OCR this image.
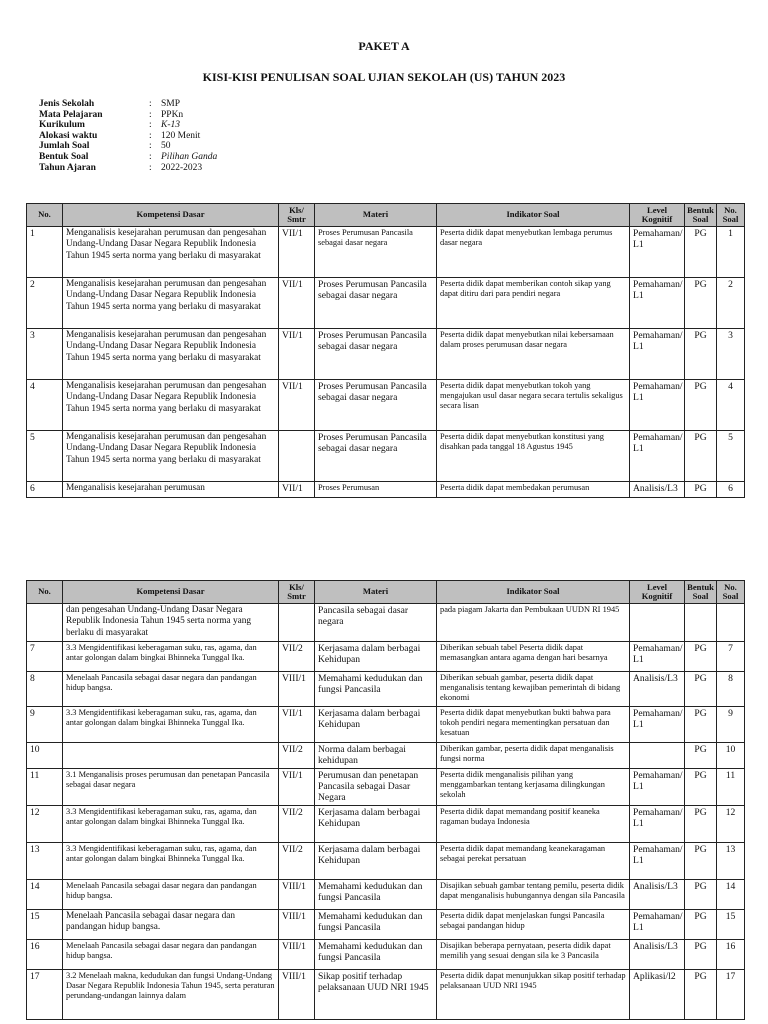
PAKET A
KISI-KISI PENULISAN SOAL UJIAN SEKOLAH (US) TAHUN 2023
Jenis Sekolah	: SMP
Mata Pelajaran	: PPKn
Kurikulum	: K-13
Alokasi waktu	: 120 Menit
Jumlah Soal	: 50
Bentuk Soal	: Pilihan Ganda
Tahun Ajaran	: 2022-2023
No.	Kompetensi Dasar	Kls/ Smtr	Materi	Indikator Soal	Level Kognitif	Bentuk Soal	No. Soal
1	Menganalisis kesejarahan perumusan dan pengesahan Undang-Undang Dasar Negara Republik Indonesia Tahun 1945 serta norma yang berlaku di masyarakat	VII/1	Proses Perumusan Pancasila sebagai dasar negara	Peserta didik dapat menyebutkan lembaga perumus dasar negara	Pemahaman/ L1	PG	1
2	Menganalisis kesejarahan perumusan dan pengesahan Undang-Undang Dasar Negara Republik Indonesia Tahun 1945 serta norma yang berlaku di masyarakat	VII/1	Proses Perumusan Pancasila sebagai dasar negara	Peserta didik dapat memberikan contoh sikap yang dapat ditiru dari para pendiri negara	Pemahaman/ L1	PG	2
3	Menganalisis kesejarahan perumusan dan pengesahan Undang-Undang Dasar Negara Republik Indonesia Tahun 1945 serta norma yang berlaku di masyarakat	VII/1	Proses Perumusan Pancasila sebagai dasar negara	Peserta didik dapat menyebutkan nilai kebersamaan dalam proses perumusan dasar negara	Pemahaman/ L1	PG	3
4	Menganalisis kesejarahan perumusan dan pengesahan Undang-Undang Dasar Negara Republik Indonesia Tahun 1945 serta norma yang berlaku di masyarakat	VII/1	Proses Perumusan Pancasila sebagai dasar negara	Peserta didik dapat menyebutkan tokoh yang mengajukan usul dasar negara secara tertulis sekaligus secara lisan	Pemahaman/ L1	PG	4
5	Menganalisis kesejarahan perumusan dan pengesahan Undang-Undang Dasar Negara Republik Indonesia Tahun 1945 serta norma yang berlaku di masyarakat		Proses Perumusan Pancasila sebagai dasar negara	Peserta didik dapat menyebutkan konstitusi yang disahkan pada tanggal 18 Agustus 1945	Pemahaman/ L1	PG	5
6	Menganalisis kesejarahan perumusan	VII/1	Proses Perumusan	Peserta didik dapat membedakan perumusan	Analisis/L3	PG	6
No.	Kompetensi Dasar	Kls/ Smtr	Materi	Indikator Soal	Level Kognitif	Bentuk Soal	No. Soal
	dan pengesahan Undang-Undang Dasar Negara Republik Indonesia Tahun 1945 serta norma yang berlaku di masyarakat		Pancasila sebagai dasar negara	pada piagam Jakarta dan Pembukaan UUDN RI 1945			
7	3.3 Mengidentifikasi keberagaman suku, ras, agama, dan antar golongan dalam bingkai Bhinneka Tunggal Ika.	VII/2	Kerjasama dalam berbagai Kehidupan	Diberikan sebuah tabel Peserta didik dapat memasangkan antara agama dengan hari besarnya	Pemahaman/ L1	PG	7
8	Menelaah Pancasila sebagai dasar negara dan pandangan hidup bangsa.	VIII/1	Memahami kedudukan dan fungsi Pancasila	Diberikan sebuah gambar, peserta didik dapat menganalisis tentang kewajiban pemerintah di bidang ekonomi	Analisis/L3	PG	8
9	3.3 Mengidentifikasi keberagaman suku, ras, agama, dan antar golongan dalam bingkai Bhinneka Tunggal Ika.	VII/1	Kerjasama dalam berbagai Kehidupan	Peserta didik dapat menyebutkan bukti bahwa para tokoh pendiri negara mementingkan persatuan dan kesatuan	Pemahaman/ L1	PG	9
10		VII/2	Norma dalam berbagai kehidupan	Diberikan gambar, peserta didik dapat menganalisis fungsi norma		PG	10
11	3.1 Menganalisis proses perumusan dan penetapan Pancasila sebagai dasar negara	VII/1	Perumusan dan penetapan Pancasila sebagai Dasar Negara	Peserta didik menganalisis pilihan yang menggambarkan tentang kerjasama dilingkungan sekolah	Pemahaman/ L1	PG	11
12	3.3 Mengidentifikasi keberagaman suku, ras, agama, dan antar golongan dalam bingkai Bhinneka Tunggal Ika.	VII/2	Kerjasama dalam berbagai Kehidupan	Peserta didik dapat memandang positif keaneka ragaman budaya Indonesia	Pemahaman/ L1	PG	12
13	3.3 Mengidentifikasi keberagaman suku, ras, agama, dan antar golongan dalam bingkai Bhinneka Tunggal Ika.	VII/2	Kerjasama dalam berbagai Kehidupan	Peserta didik dapat memandang keanekaragaman sebagai perekat persatuan	Pemahaman/ L1	PG	13
14	Menelaah Pancasila sebagai dasar negara dan pandangan hidup bangsa.	VIII/1	Memahami kedudukan dan fungsi Pancasila	Disajikan sebuah gambar tentang pemilu, peserta didik dapat menganalisis hubungannya dengan sila Pancasila	Analisis/L3	PG	14
15	Menelaah Pancasila sebagai dasar negara dan pandangan hidup bangsa.	VIII/1	Memahami kedudukan dan fungsi Pancasila	Peserta didik dapat menjelaskan fungsi Pancasila sebagai pandangan hidup	Pemahaman/ L1	PG	15
16	Menelaah Pancasila sebagai dasar negara dan pandangan hidup bangsa.	VIII/1	Memahami kedudukan dan fungsi Pancasila	Disajikan beberapa pernyataan, peserta didik dapat memilih yang sesuai dengan sila ke 3 Pancasila	Analisis/L3	PG	16
17	3.2 Menelaah makna, kedudukan dan fungsi Undang-Undang Dasar Negara Republik Indonesia Tahun 1945, serta peraturan perundang-undangan lainnya dalam	VIII/1	Sikap positif terhadap pelaksanaan UUD NRI 1945	Peserta didik dapat menunjukkan sikap positif terhadap pelaksanaan UUD NRI 1945	Aplikasi/l2	PG	17
